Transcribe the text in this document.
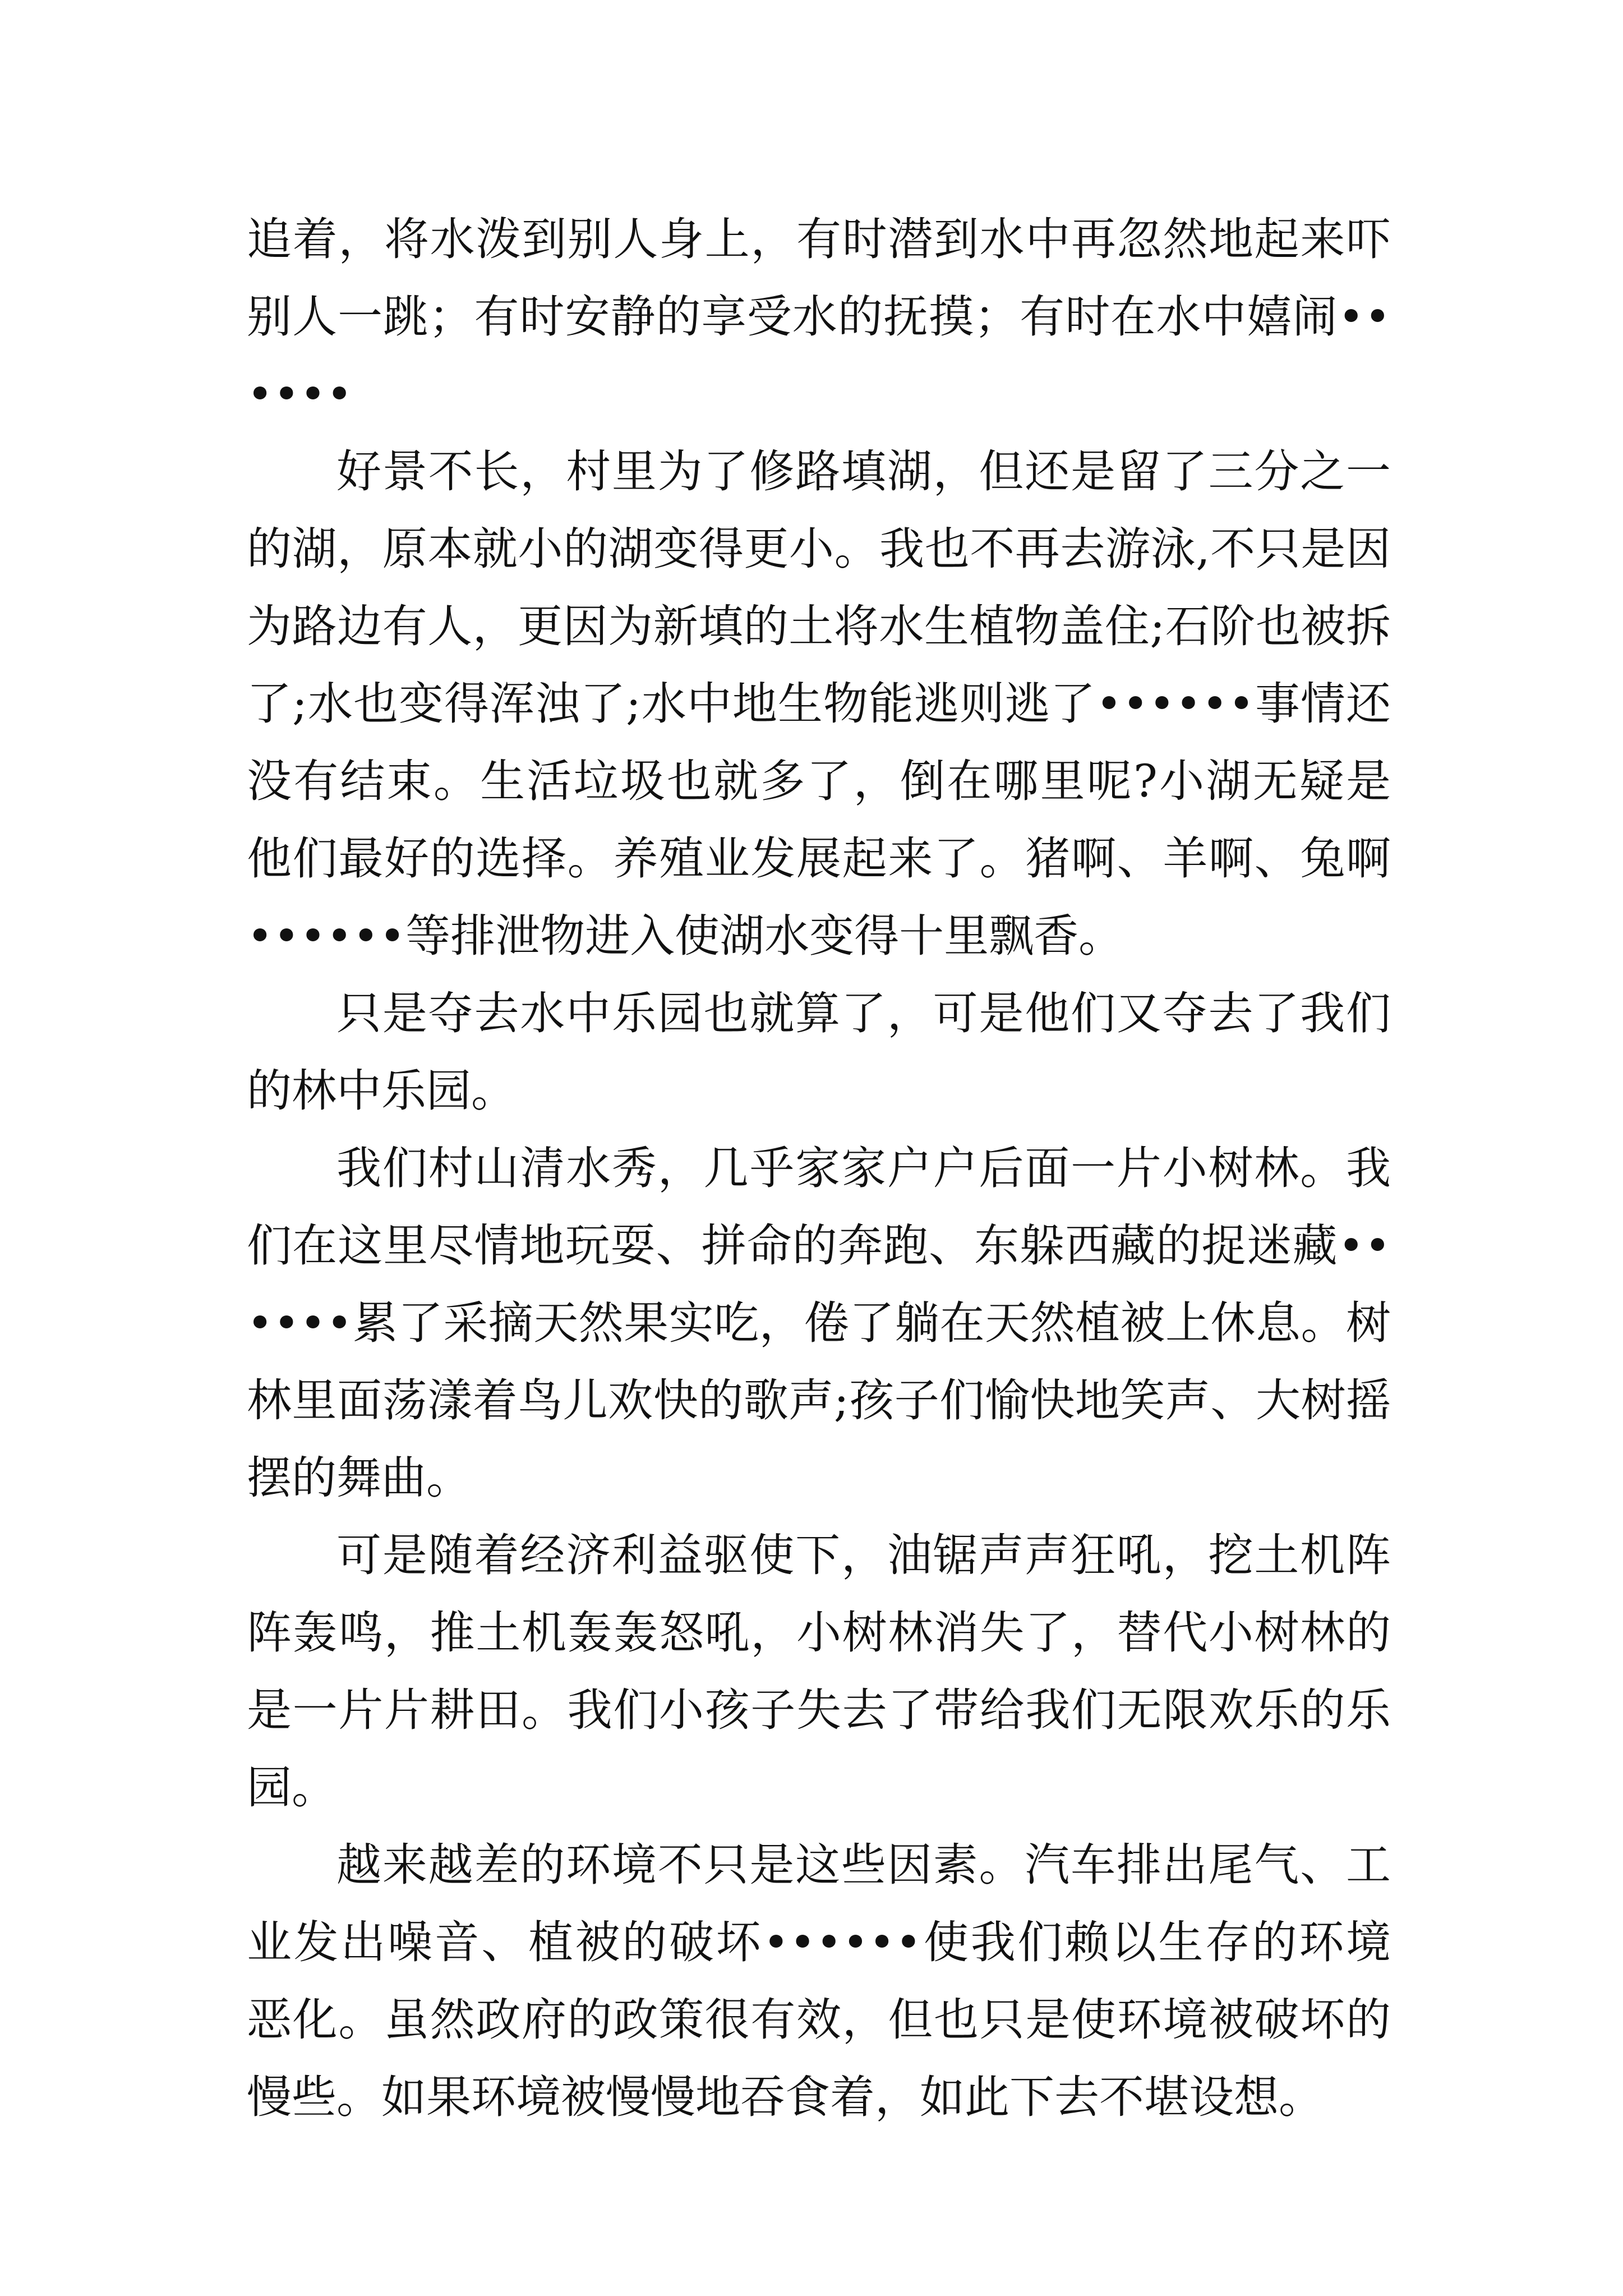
追着，将水泼到别人身上，有时潜到水中再忽然地起来吓别人一跳；有时安静的享受水的抚摸；有时在水中嬉闹••••••

好景不长，村里为了修路填湖，但还是留了三分之一的湖，原本就小的湖变得更小。我也不再去游泳,不只是因为路边有人，更因为新填的土将水生植物盖住;石阶也被拆了;水也变得浑浊了;水中地生物能逃则逃了••••••事情还没有结束。生活垃圾也就多了，倒在哪里呢?小湖无疑是他们最好的选择。养殖业发展起来了。猪啊、羊啊、兔啊••••••等排泄物进入使湖水变得十里飘香。

只是夺去水中乐园也就算了，可是他们又夺去了我们的林中乐园。

我们村山清水秀，几乎家家户户后面一片小树林。我们在这里尽情地玩耍、拼命的奔跑、东躲西藏的捉迷藏••••••累了采摘天然果实吃，倦了躺在天然植被上休息。树林里面荡漾着鸟儿欢快的歌声;孩子们愉快地笑声、大树摇摆的舞曲。

可是随着经济利益驱使下，油锯声声狂吼，挖土机阵阵轰鸣，推土机轰轰怒吼，小树林消失了，替代小树林的是一片片耕田。我们小孩子失去了带给我们无限欢乐的乐园。

越来越差的环境不只是这些因素。汽车排出尾气、工业发出噪音、植被的破坏••••••使我们赖以生存的环境恶化。虽然政府的政策很有效，但也只是使环境被破坏的慢些。如果环境被慢慢地吞食着，如此下去不堪设想。
